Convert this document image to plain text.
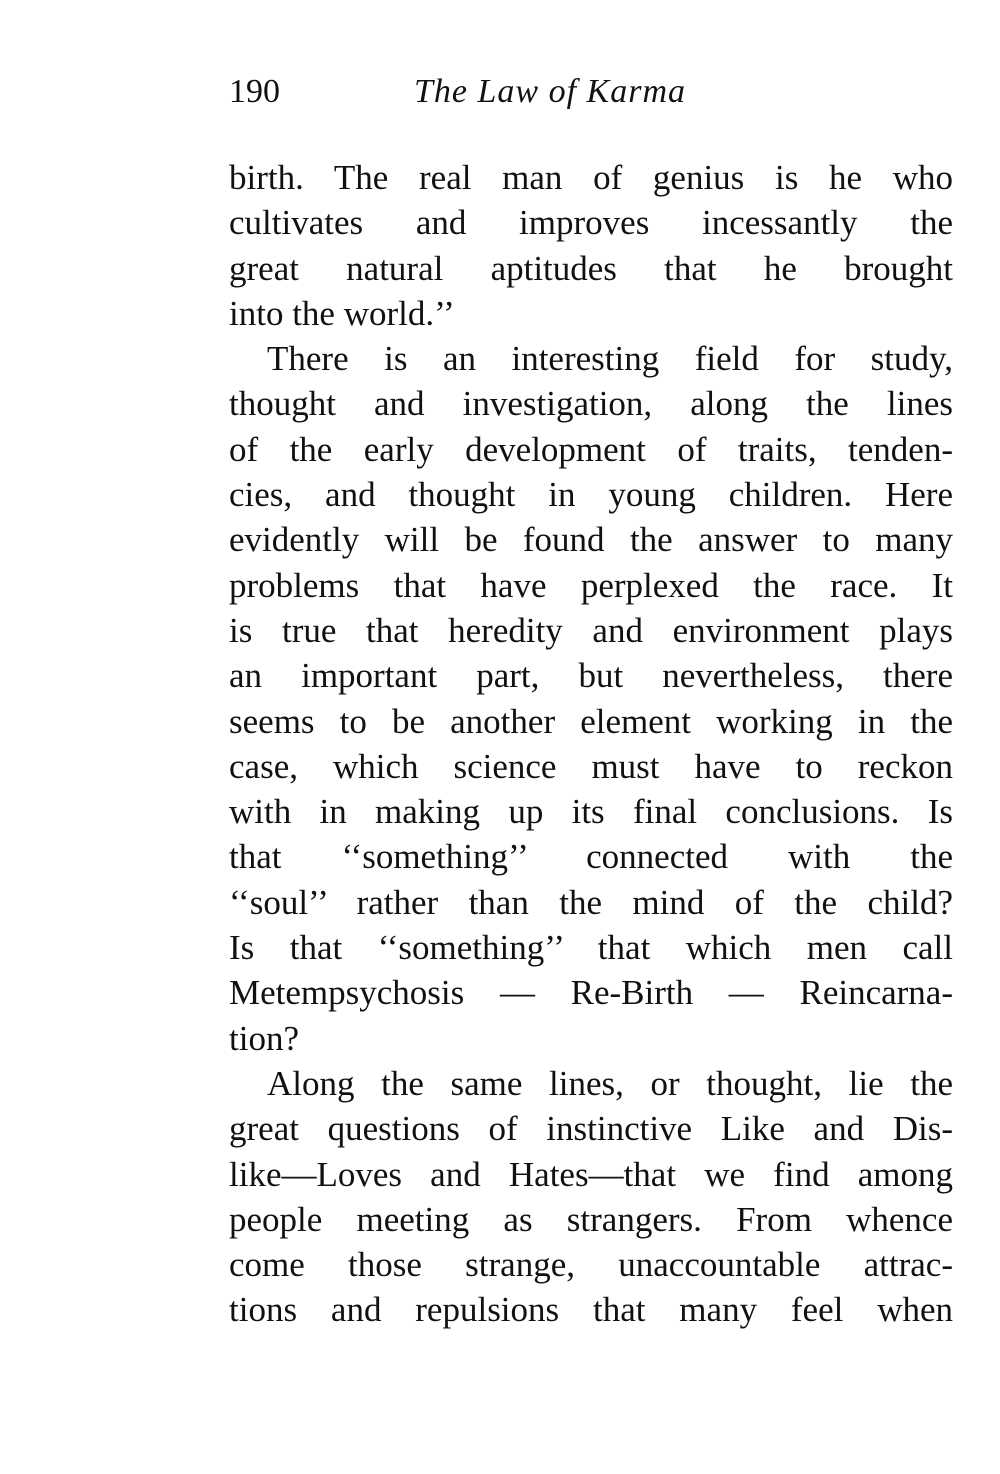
190	The Law of Karma
birth. The real man of genius is he who
cultivates and improves incessantly the
great natural aptitudes that he brought
into the world.’’
There is an interesting field for study,
thought and investigation, along the lines
of the early development of traits, tenden-
cies, and thought in young children. Here
evidently will be found the answer to many
problems that have perplexed the race. It
is true that heredity and environment plays
an important part, but nevertheless, there
seems to be another element working in the
case, which science must have to reckon
with in making up its final conclusions. Is
that ‘‘something’’ connected with the
‘‘soul’’ rather than the mind of the child?
Is that ‘‘something’’ that which men call
Metempsychosis — Re-Birth — Reincarna-
tion?
Along the same lines, or thought, lie the
great questions of instinctive Like and Dis-
like—Loves and Hates—that we find among
people meeting as strangers. From whence
come those strange, unaccountable attrac-
tions and repulsions that many feel when
